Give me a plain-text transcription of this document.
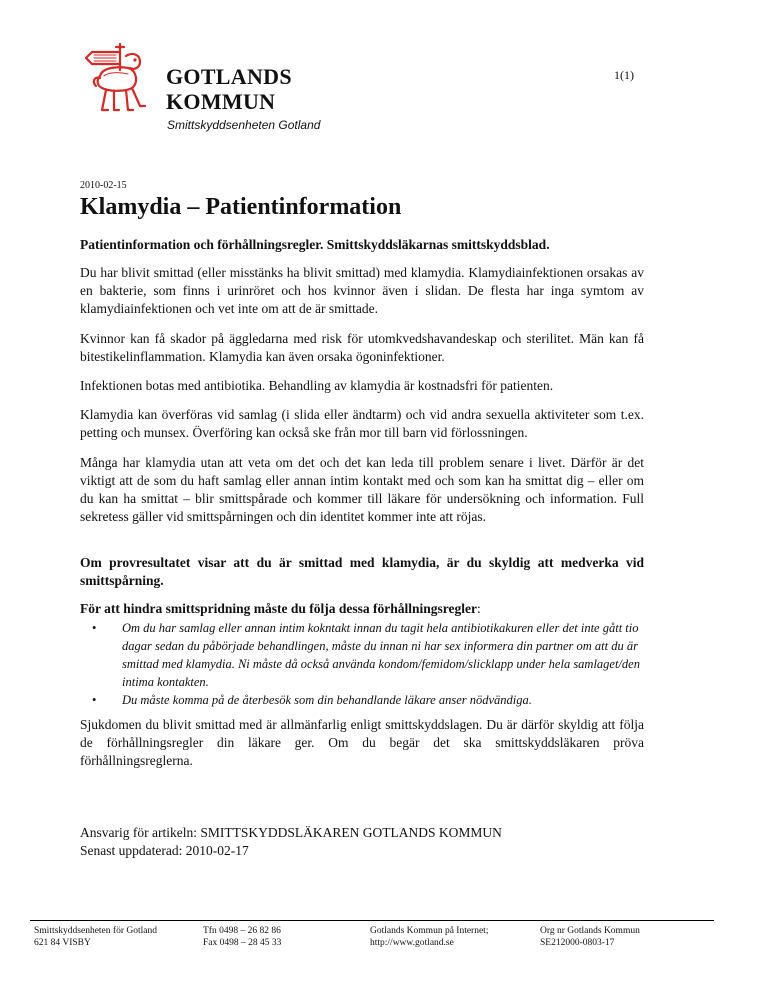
GOTLANDS
KOMMUN
Smittskyddsenheten Gotland
1(1)
2010-02-15
Klamydia – Patientinformation
Patientinformation och förhållningsregler. Smittskyddsläkarnas smittskyddsblad.
Du har blivit smittad (eller misstänks ha blivit smittad) med klamydia. Klamydiainfektionen orsakas av en bakterie, som finns i urinröret och hos kvinnor även i slidan. De flesta har inga symtom av klamydiainfektionen och vet inte om att de är smittade.
Kvinnor kan få skador på äggledarna med risk för utomkvedshavandeskap och sterilitet. Män kan få bitestikelinflammation. Klamydia kan även orsaka ögoninfektioner.
Infektionen botas med antibiotika. Behandling av klamydia är kostnadsfri för patienten.
Klamydia kan överföras vid samlag (i slida eller ändtarm) och vid andra sexuella aktiviteter som t.ex. petting och munsex. Överföring kan också ske från mor till barn vid förlossningen.
Många har klamydia utan att veta om det och det kan leda till problem senare i livet. Därför är det viktigt att de som du haft samlag eller annan intim kontakt med och som kan ha smittat dig – eller om du kan ha smittat – blir smittspårade och kommer till läkare för undersökning och information. Full sekretess gäller vid smittspårningen och din identitet kommer inte att röjas.
Om provresultatet visar att du är smittad med klamydia, är du skyldig att medverka vid smittspårning.
För att hindra smittspridning måste du följa dessa förhållningsregler:
• Om du har samlag eller annan intim kokntakt innan du tagit hela antibiotikakuren eller det inte gått tio dagar sedan du påbörjade behandlingen, måste du innan ni har sex informera din partner om att du är smittad med klamydia. Ni måste då också använda kondom/femidom/slicklapp under hela samlaget/den intima kontakten.
• Du måste komma på de återbesök som din behandlande läkare anser nödvändiga.
Sjukdomen du blivit smittad med är allmänfarlig enligt smittskyddslagen. Du är därför skyldig att följa de förhållningsregler din läkare ger. Om du begär det ska smittskyddsläkaren pröva förhållningsreglerna.
Ansvarig för artikeln: SMITTSKYDDSLÄKAREN GOTLANDS KOMMUN
Senast uppdaterad: 2010-02-17
Smittskyddsenheten för Gotland
621 84 VISBY
Tfn 0498 – 26 82 86
Fax 0498 – 28 45 33
Gotlands Kommun på Internet;
http://www.gotland.se
Org nr Gotlands Kommun
SE212000-0803-17
